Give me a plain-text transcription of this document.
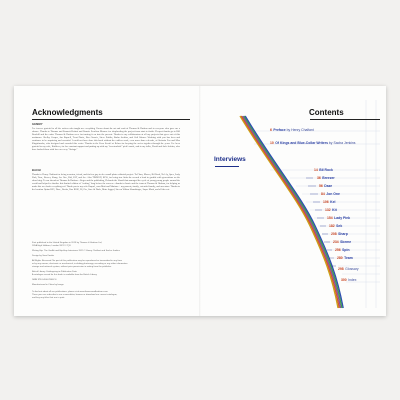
Acknowledgments
GEMMY
I've forever grateful to all the writers who taught me everything I know about the art and craft of Thomas & Hudson and to everyone who gave me a chance. Thanks to Thomas and Emmett Kristof and Ronnie Penelton Monroe for shepherding the project from start to finish. Deepest thanks go to Bill Bowhill and the entire Thomas & Hudson crew for turning it on into the present. Thanks to my collaborators at all my projects that grew out of this assistance: Shelby Cooper, Jon Ruprell, Treat Davis, Ben Grassie, Steve Zaitlin, Barba Jenkins, and Gail Warner. Working with you has been and continues to be surprising and essential. I could not have done this book without the endless work, even more than a decade, of Stefania Fox and Max Kirgotinsohn, who designed and encoded this series. Thanks to the Penn Sterfel at Rebus for keeping the series together through the years. I've been grateful to my wife, Kathleen, for her constant support and putting up with my "two-truckful" pick's mode, and to my folks, David and Jack Jenkins, who have backed them with love on every "Strings."
BACHI
Thanks to Henry Chalfant for being a mentor, friend, and tireless guy to do a small photo editorial project. To Flaus, Mosco, Bil Rock, Nel Ay, Spex, Lady Pink, Tone, Beaver, Sharp, Joe One, Kid, PAT, and Joe. Also TIMSON, KOS, for being true links the second a head to graffiti with generations on the chord ring. To our friends at Thomas & Hudson—Roger and the publishing, Deborah the I-bazil that managed the cycle of young young people around the world and helped to finalize this limited edition of "writing" lang before the success—thanks to Jamie and the team at Thomas & Hudson, for helping us make this as a book everything red. Thank you to my wife Raquel, sons Mati and Mariana + my parents, family, extended family, and ancestors. Thanks to the location Quinn BIG, Dave, Rockz, Roz ROK, 28, Ote, Sace & Dude, Mute Jagged, Steven Wilton Shumbinger, Super Mark, and all the rest.
First published in the United Kingdom in 2015 by Thames & Hudson Ltd,
181A High Holborn, London WC1V 7QX
Writing Hip: The Graffiti and Hip-Hop Interviews 2015 © Henry Chalfant and Sacha Jenkins
Design by Sara Fowler
All Rights Reserved. No part of this publication may be reproduced or transmitted in any form
or by any means, electronic or mechanical, including photocopy, recording or any other information
storage and retrieval system, without prior permission in writing from the publisher.
British Library Cataloguing-in-Publication Data
A catalogue record for this book is available from the British Library
ISBN 978-0-500-29067-6
Manufactured in China by Imago
To find out about all our publications, please visit www.thamesandhudson.com.
There you can subscribe to our e-newsletter, browse or download our current catalogue,
and buy any titles that are in print.
Contents
6 Preface by Henry Chalfant
10 Of Kings and Blue-Collar Writers by Sacha Jenkins
Interviews
14 Bil Rock
36 Breezer
56 Daze
84 Jon One
106 Kel
132 Kit
154 Lady Pink
182 Sek
208 Sharp
234 Skeme
256 Spin
280 Team
298 Glossary
300 Index
